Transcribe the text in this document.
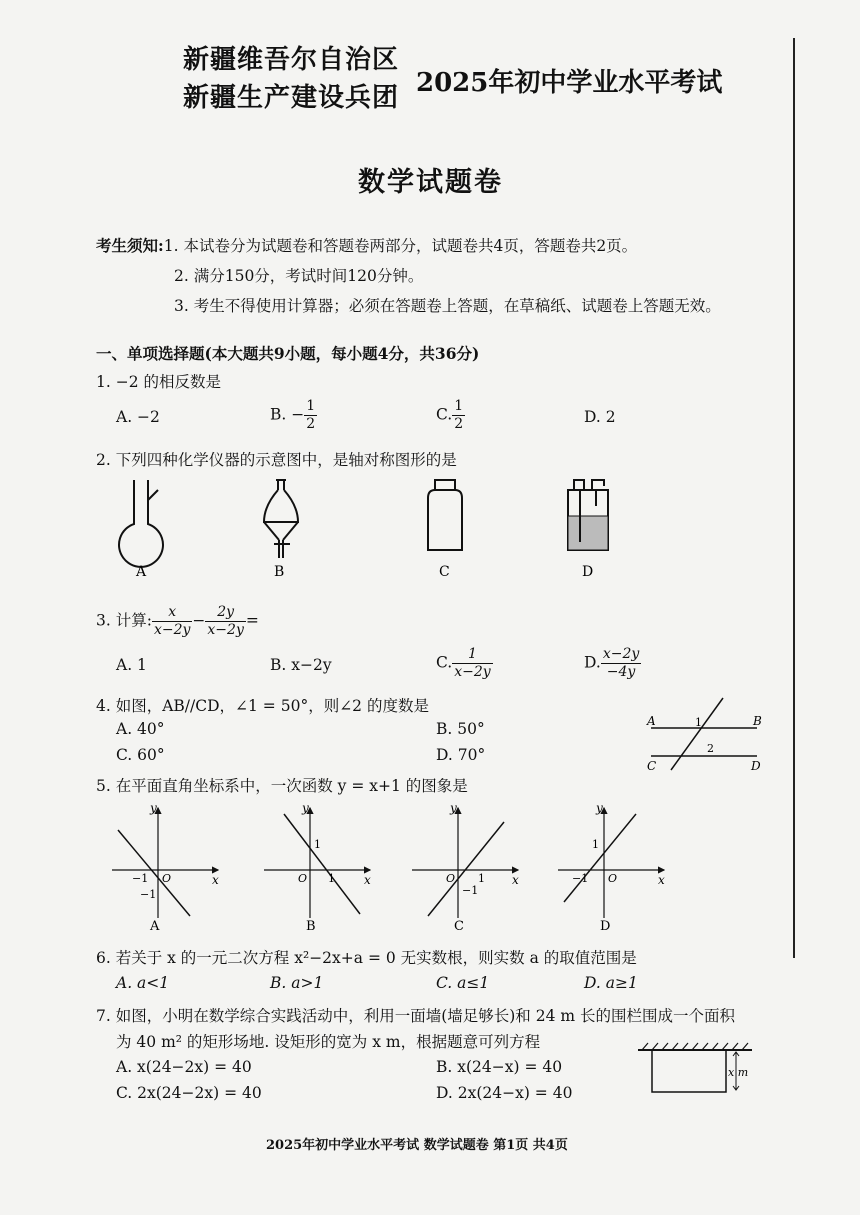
新疆维吾尔自治区
新疆生产建设兵团 2025年初中学业水平考试
数学试题卷
考生须知:1. 本试卷分为试题卷和答题卷两部分，试题卷共4页，答题卷共2页。
2. 满分150分，考试时间120分钟。
3. 考生不得使用计算器；必须在答题卷上答题，在草稿纸、试题卷上答题无效。
一、单项选择题(本大题共9小题，每小题4分，共36分)
1. −2 的相反数是
A. −2	B. − $\frac{1}{2}$	C. $\frac{1}{2}$	D. 2
2. 下列四种化学仪器的示意图中，是轴对称图形的是
A	B	C	D
3. 计算: $\frac{x}{x-2y} - \frac{2y}{x-2y}$ =
A. 1	B. x−2y	C. $\frac{1}{x-2y}$	D. $\frac{x-2y}{-4y}$
4. 如图，AB//CD，∠1 = 50°，则∠2 的度数是
A. 40°	B. 50°
C. 60°	D. 70°
A	B
C	D
1
2
5. 在平面直角坐标系中，一次函数 y = x+1 的图象是
y
x
O
−1
−1
A
y
x
O 1
1
B
y
x
O 1
−1
C
y
x
O
−1
1
D
6. 若关于 x 的一元二次方程 x²−2x+a = 0 无实数根，则实数 a 的取值范围是
A. a<1	B. a>1	C. a≤1	D. a≥1
7. 如图，小明在数学综合实践活动中，利用一面墙(墙足够长)和 24 m 长的围栏围成一个面积
为 40 m² 的矩形场地. 设矩形的宽为 x m，根据题意可列方程
A. x(24−2x) = 40	B. x(24−x) = 40
C. 2x(24−2x) = 40	D. 2x(24−x) = 40
x m
2025年初中学业水平考试 数学试题卷 第1页 共4页
